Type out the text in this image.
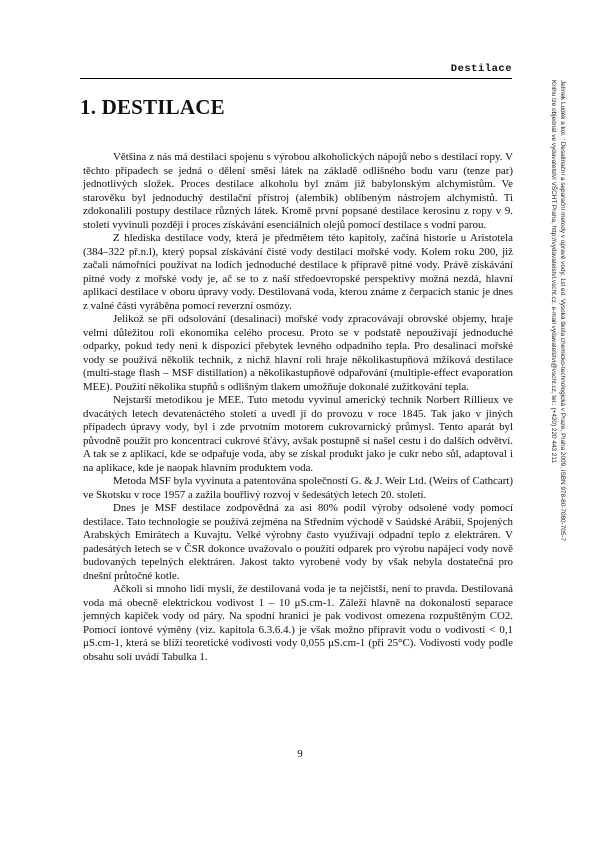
Destilace
1. DESTILACE

Většina z nás má destilaci spojenu s výrobou alkoholických nápojů nebo s destilací ropy. V těchto případech se jedná o dělení směsi látek na základě odlišného bodu varu (tenze par) jednotlivých složek. Proces destilace alkoholu byl znám již babylonským alchymistům. Ve starověku byl jednoduchý destilační přístroj (alembik) oblíbeným nástrojem alchymistů. Ti zdokonalili postupy destilace různých látek. Kromě první popsané destilace kerosinu z ropy v 9. století vyvinuli později i proces získávání esenciálních olejů pomocí destilace s vodní parou.

Z hlediska destilace vody, která je předmětem této kapitoly, začíná historie u Aristotela (384–322 př.n.l), který popsal získávání čisté vody destilací mořské vody. Kolem roku 200, již začali námořníci používat na lodích jednoduché destilace k přípravě pitné vody. Právě získávání pitné vody z mořské vody je, ač se to z naší středoevropské perspektivy možná nezdá, hlavní aplikací destilace v oboru úpravy vody. Destilovaná voda, kterou známe z čerpacích stanic je dnes z valné části vyráběna pomocí reverzní osmózy.

Jelikož se při odsolování (desalinaci) mořské vody zpracovávají obrovské objemy, hraje velmi důležitou roli ekonomika celého procesu. Proto se v podstatě nepoužívají jednoduché odparky, pokud tedy není k dispozici přebytek levného odpadního tepla. Pro desalinaci mořské vody se používá několik technik, z nichž hlavní roli hraje několikastupňová mžiková destilace (multi-stage flash – MSF distillation) a několikastupňové odpařování (multiple-effect evaporation MEE). Použití několika stupňů s odlišným tlakem umožňuje dokonalé zužitkování tepla.

Nejstarší metodikou je MEE. Tuto metodu vyvinul americký technik Norbert Rillieux ve dvacátých letech devatenáctého století a uvedl jí do provozu v roce 1845. Tak jako v jiných případech úpravy vody, byl i zde prvotním motorem cukrovarnický průmysl. Tento aparát byl původně použit pro koncentraci cukrové šťávy, avšak postupně si našel cestu i do dalších odvětví. A tak se z aplikací, kde se odpařuje voda, aby se získal produkt jako je cukr nebo sůl, adaptoval i na aplikace, kde je naopak hlavním produktem voda.

Metoda MSF byla vyvinuta a patentována společností G. & J. Weir Ltd. (Weirs of Cathcart) ve Skotsku v roce 1957 a zažila bouřlivý rozvoj v šedesátých letech 20. století.

Dnes je MSF destilace zodpovědná za asi 80% podíl výroby odsolené vody pomocí destilace. Tato technologie se používá zejména na Středním východě v Saúdské Arábii, Spojených Arabských Emirátech a Kuvajtu. Velké výrobny často využívají odpadní teplo z elektráren. V padesátých letech se v ČSR dokonce uvažovalo o použití odparek pro výrobu napájecí vody nově budovaných tepelných elektráren. Jakost takto vyrobené vody by však nebyla dostatečná pro dnešní průtočné kotle.

Ačkoli si mnoho lidí myslí, že destilovaná voda je ta nejčistší, není to pravda. Destilovaná voda má obecně elektrickou vodivost 1 – 10 μS.cm-1. Záleží hlavně na dokonalosti separace jemných kapiček vody od páry. Na spodní hranici je pak vodivost omezena rozpuštěným CO2. Pomocí iontové výměny (viz. kapitola 6.3.6.4.) je však možno připravit vodu o vodivosti < 0,1 μS.cm-1, která se blíží teoretické vodivosti vody 0,055 μS.cm-1 (při 25°C). Vodivosti vody podle obsahu solí uvádí Tabulka 1.

9
Jelínek Luděk a kol. : Desalinační a separační metody v úpravě vody, 1st ed. Vysoká škola chemicko-technologická v Praze, Praha 2009, ISBN 978-80-7080-705-7
Knihu lze objednat ve vydavatelství VŠCHT Praha, http://vydavatelstvi.vscht.cz, e-mail vydavatelstvi@vscht.cz, tel.: (+420) 220 443 211
